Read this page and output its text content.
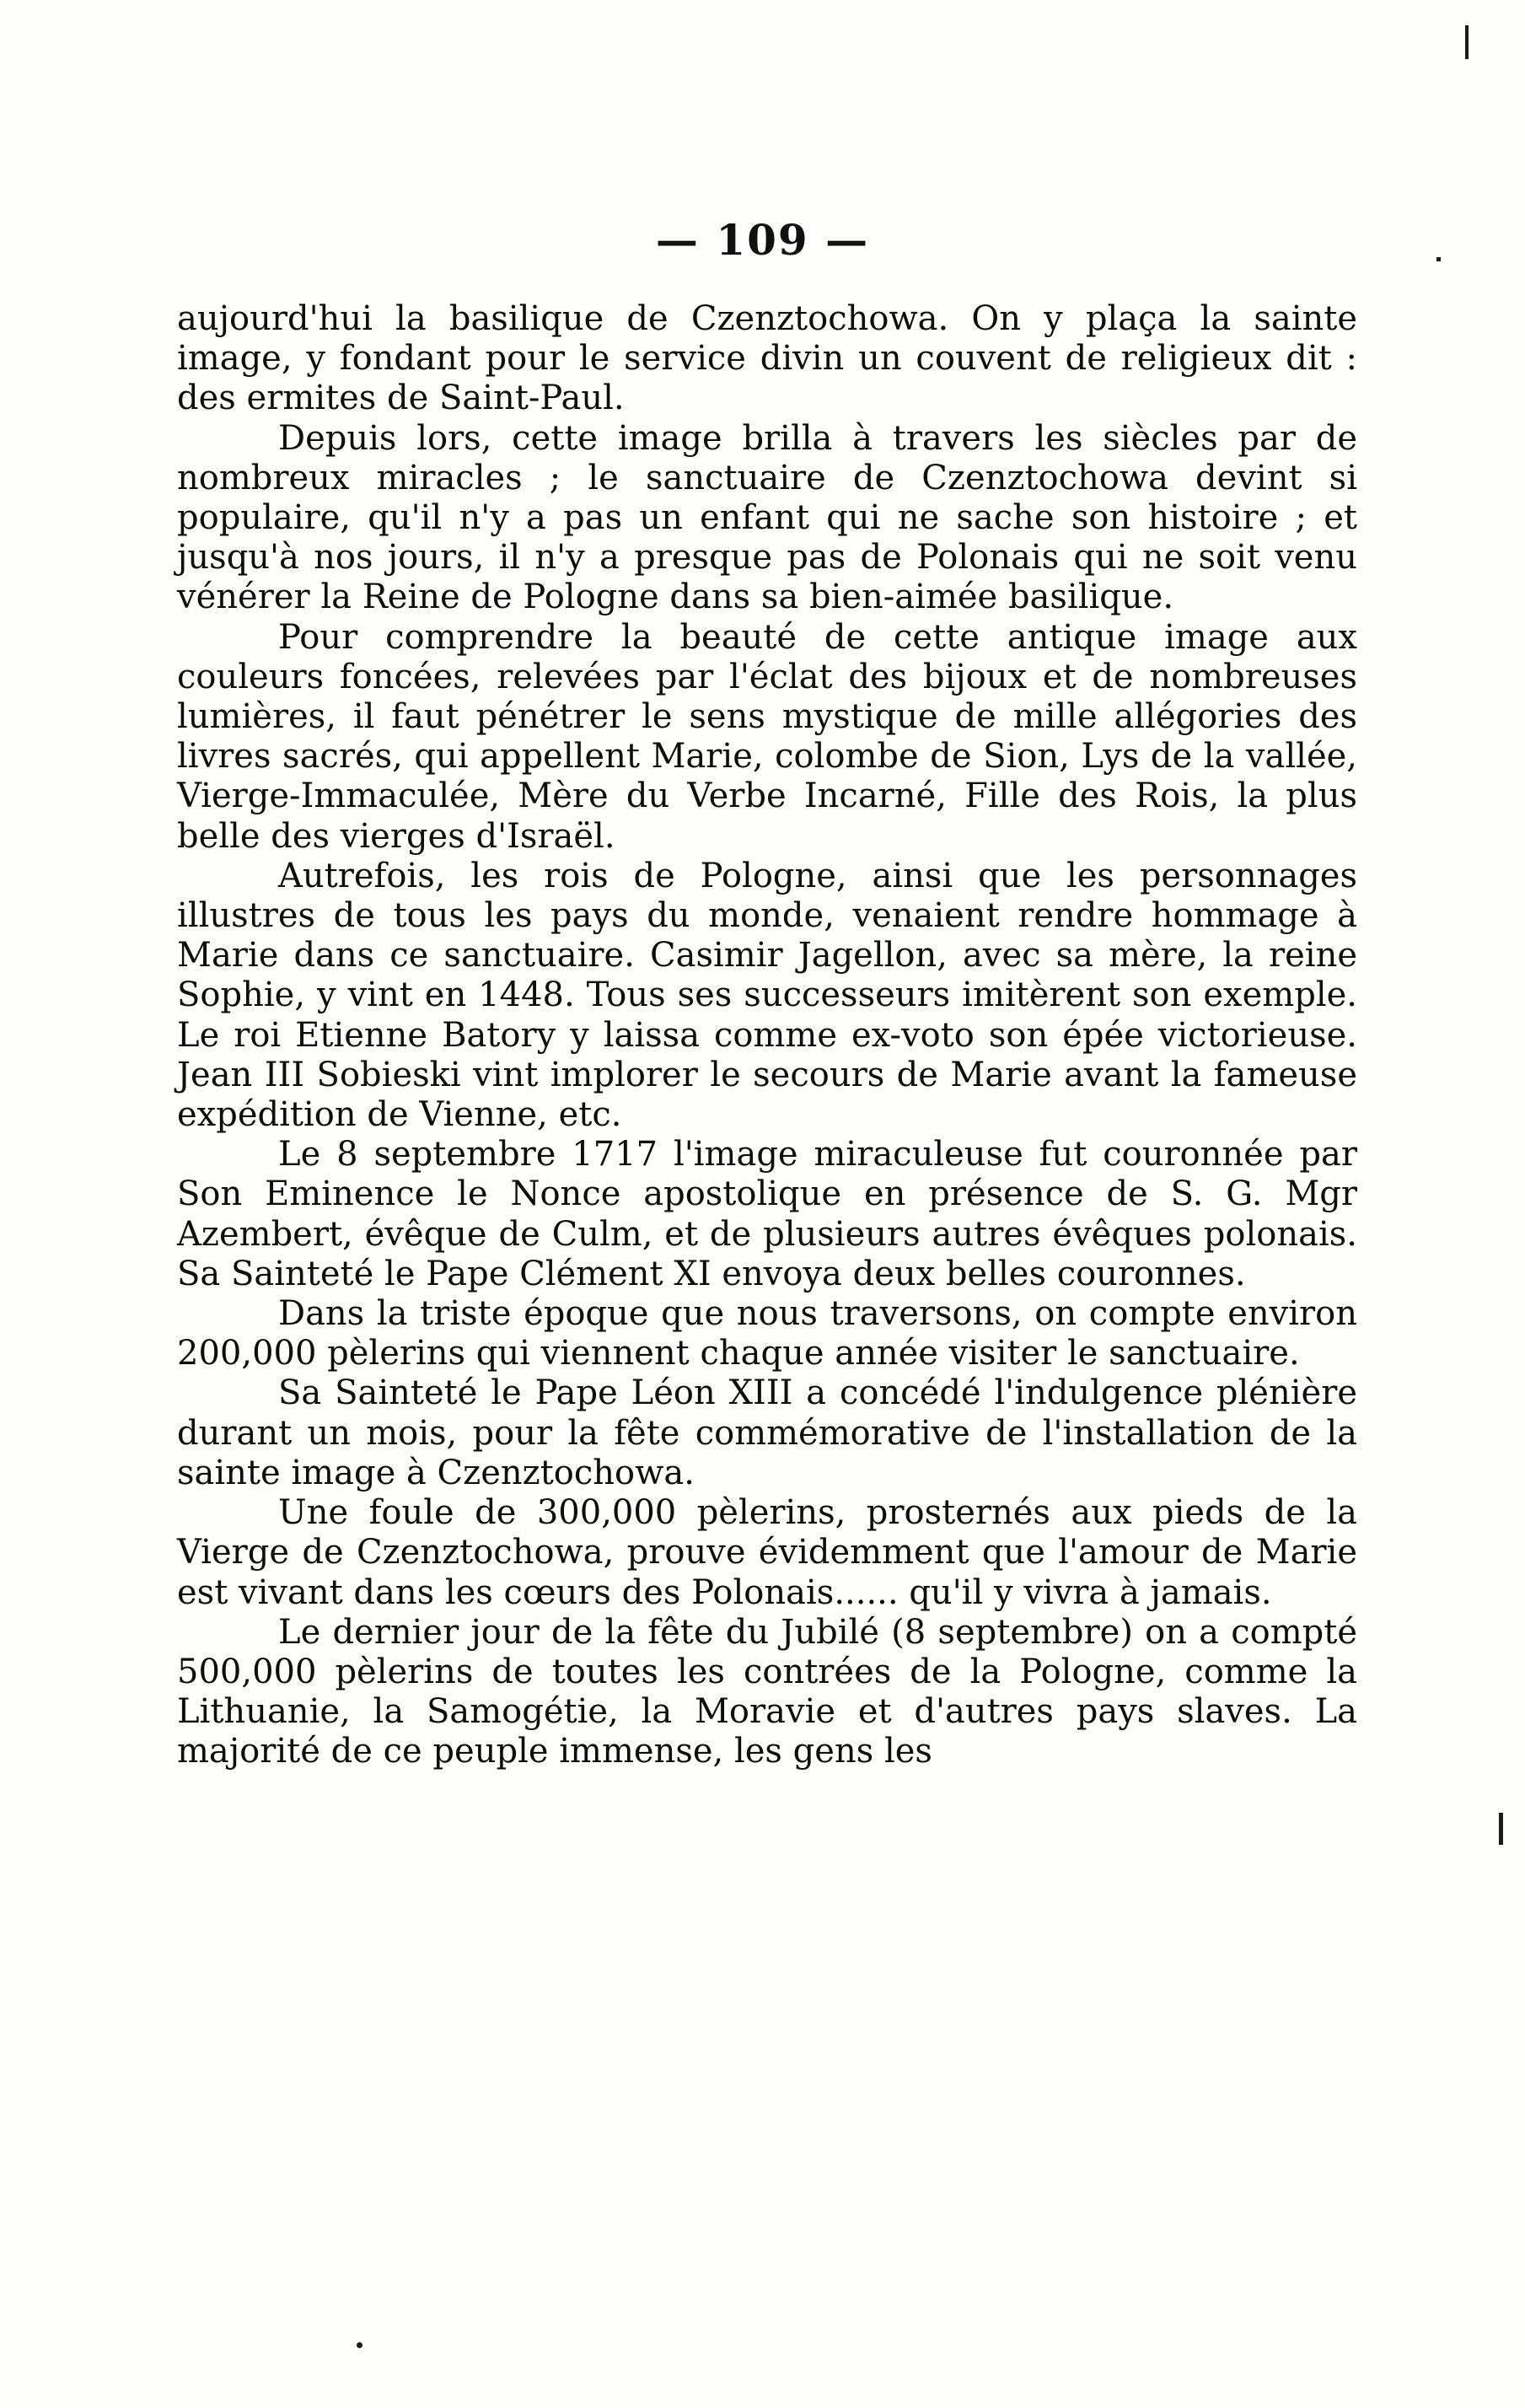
— 109 —

aujourd'hui la basilique de Czenztochowa. On y plaça la sainte image, y fondant pour le service divin un couvent de religieux dit : des ermites de Saint-Paul.

Depuis lors, cette image brilla à travers les siècles par de nombreux miracles ; le sanctuaire de Czenztochowa devint si populaire, qu'il n'y a pas un enfant qui ne sache son histoire ; et jusqu'à nos jours, il n'y a presque pas de Polonais qui ne soit venu vénérer la Reine de Pologne dans sa bien-aimée basilique.

Pour comprendre la beauté de cette antique image aux couleurs foncées, relevées par l'éclat des bijoux et de nombreuses lumières, il faut pénétrer le sens mystique de mille allégories des livres sacrés, qui appellent Marie, colombe de Sion, Lys de la vallée, Vierge-Immaculée, Mère du Verbe Incarné, Fille des Rois, la plus belle des vierges d'Israël.

Autrefois, les rois de Pologne, ainsi que les personnages illustres de tous les pays du monde, venaient rendre hommage à Marie dans ce sanctuaire. Casimir Jagellon, avec sa mère, la reine Sophie, y vint en 1448. Tous ses successeurs imitèrent son exemple. Le roi Etienne Batory y laissa comme ex-voto son épée victorieuse. Jean III Sobieski vint implorer le secours de Marie avant la fameuse expédition de Vienne, etc.

Le 8 septembre 1717 l'image miraculeuse fut couronnée par Son Eminence le Nonce apostolique en présence de S. G. Mgr Azembert, évêque de Culm, et de plusieurs autres évêques polonais. Sa Sainteté le Pape Clément XI envoya deux belles couronnes.

Dans la triste époque que nous traversons, on compte environ 200,000 pèlerins qui viennent chaque année visiter le sanctuaire.

Sa Sainteté le Pape Léon XIII a concédé l'indulgence plénière durant un mois, pour la fête commémorative de l'installation de la sainte image à Czenztochowa.

Une foule de 300,000 pèlerins, prosternés aux pieds de la Vierge de Czenztochowa, prouve évidemment que l'amour de Marie est vivant dans les cœurs des Polonais...... qu'il y vivra à jamais.

Le dernier jour de la fête du Jubilé (8 septembre) on a compté 500,000 pèlerins de toutes les contrées de la Pologne, comme la Lithuanie, la Samogétie, la Moravie et d'autres pays slaves. La majorité de ce peuple immense, les gens les
